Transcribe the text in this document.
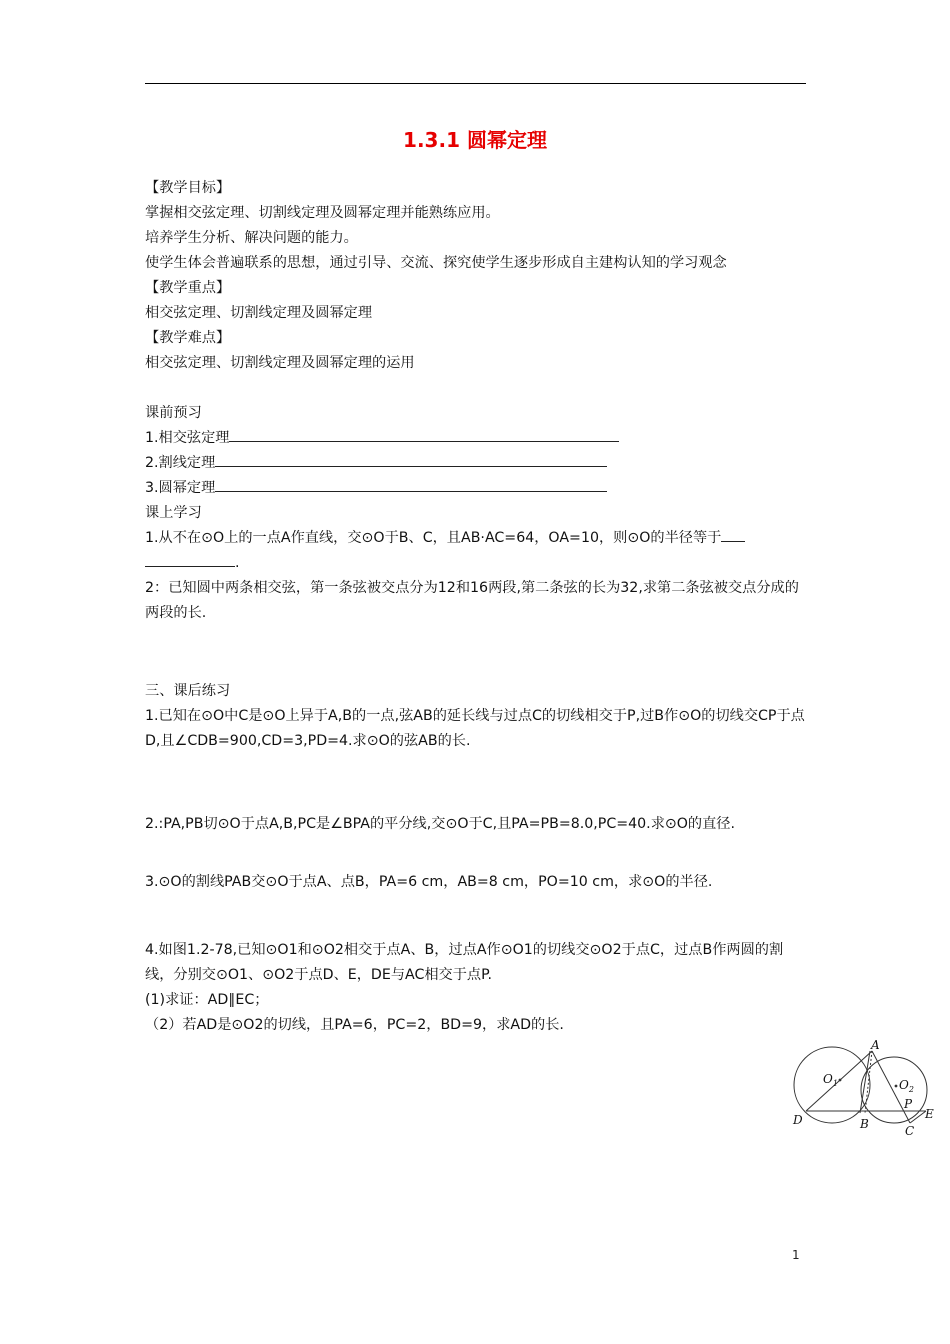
1.3.1 圆幂定理

【教学目标】

掌握相交弦定理、切割线定理及圆幂定理并能熟练应用。

培养学生分析、解决问题的能力。

使学生体会普遍联系的思想，通过引导、交流、探究使学生逐步形成自主建构认知的学习观念

【教学重点】

相交弦定理、切割线定理及圆幂定理

【教学难点】

相交弦定理、切割线定理及圆幂定理的运用

课前预习

1.相交弦定理

2.割线定理

3.圆幂定理

课上学习

1.从不在⊙O上的一点A作直线，交⊙O于B、C，且AB·AC=64，OA=10，则⊙O的半径等于.

2：已知圆中两条相交弦，第一条弦被交点分为12和16两段,第二条弦的长为32,求第二条弦被交点分成的两段的长.

三、课后练习

1.已知在⊙O中C是⊙O上异于A,B的一点,弦AB的延长线与过点C的切线相交于P,过B作⊙O的切线交CP于点D,且∠CDB=900,CD=3,PD=4.求⊙O的弦AB的长.

2.:PA,PB切⊙O于点A,B,PC是∠BPA的平分线,交⊙O于C,且PA=PB=8.0,PC=40.求⊙O的直径.

3.⊙O的割线PAB交⊙O于点A、点B，PA=6 cm，AB=8 cm，PO=10 cm，求⊙O的半径.

4.如图1.2-78,已知⊙O1和⊙O2相交于点A、B，过点A作⊙O1的切线交⊙O2于点C，过点B作两圆的割线，分别交⊙O1、⊙O2于点D、E，DE与AC相交于点P.

(1)求证：AD∥EC；

（2）若AD是⊙O2的切线，且PA=6，PC=2，BD=9，求AD的长.

$O_1$	$O_2$
A
B	C
D	E
P
1
